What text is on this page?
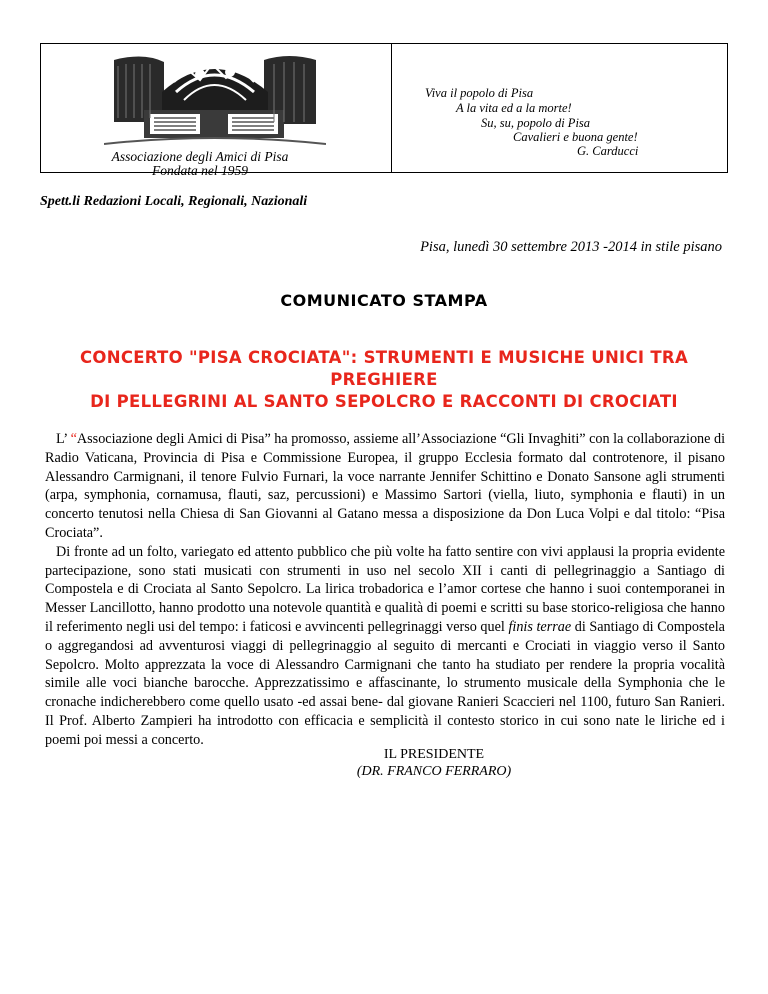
Associazione degli Amici di Pisa
Fondata nel 1959
Viva il popolo di Pisa
A la vita ed a la morte!
Su, su, popolo di Pisa
Cavalieri e buona gente!
G. Carducci
Spett.li Redazioni Locali, Regionali, Nazionali
Pisa, lunedì 30 settembre 2013 -2014 in stile pisano
COMUNICATO STAMPA
CONCERTO "PISA CROCIATA": STRUMENTI E MUSICHE UNICI TRA PREGHIERE
DI PELLEGRINI AL SANTO SEPOLCRO E RACCONTI DI CROCIATI

L’ “Associazione degli Amici di Pisa” ha promosso, assieme all’Associazione “Gli Invaghiti” con la collaborazione di Radio Vaticana, Provincia di Pisa e Commissione Europea, il gruppo Ecclesia formato dal controtenore, il pisano Alessandro Carmignani, il tenore Fulvio Furnari, la voce narrante Jennifer Schittino e Donato Sansone agli strumenti (arpa, symphonia, cornamusa, flauti, saz, percussioni) e Massimo Sartori (viella, liuto, symphonia e flauti) in un concerto tenutosi nella Chiesa di San Giovanni al Gatano messa a disposizione da Don Luca Volpi e dal titolo: “Pisa Crociata”.

Di fronte ad un folto, variegato ed attento pubblico che più volte ha fatto sentire con vivi applausi la propria evidente partecipazione, sono stati musicati con strumenti in uso nel secolo XII i canti di pellegrinaggio a Santiago di Compostela e di Crociata al Santo Sepolcro. La lirica trobadorica e l’amor cortese che hanno i suoi contemporanei in Messer Lancillotto, hanno prodotto una notevole quantità e qualità di poemi e scritti su base storico-religiosa che hanno il referimento negli usi del tempo: i faticosi e avvincenti pellegrinaggi verso quel finis terrae di Santiago di Compostela o aggregandosi ad avventurosi viaggi di pellegrinaggio al seguito di mercanti e Crociati in viaggio verso il Santo Sepolcro. Molto apprezzata la voce di Alessandro Carmignani che tanto ha studiato per rendere la propria vocalità simile alle voci bianche barocche. Apprezzatissimo e affascinante, lo strumento musicale della Symphonia che le cronache indicherebbero come quello usato -ed assai bene- dal giovane Ranieri Scaccieri nel 1100, futuro San Ranieri. Il Prof. Alberto Zampieri ha introdotto con efficacia e semplicità il contesto storico in cui sono nate le liriche ed i poemi poi messi a concerto.

IL PRESIDENTE
(DR. FRANCO FERRARO)
